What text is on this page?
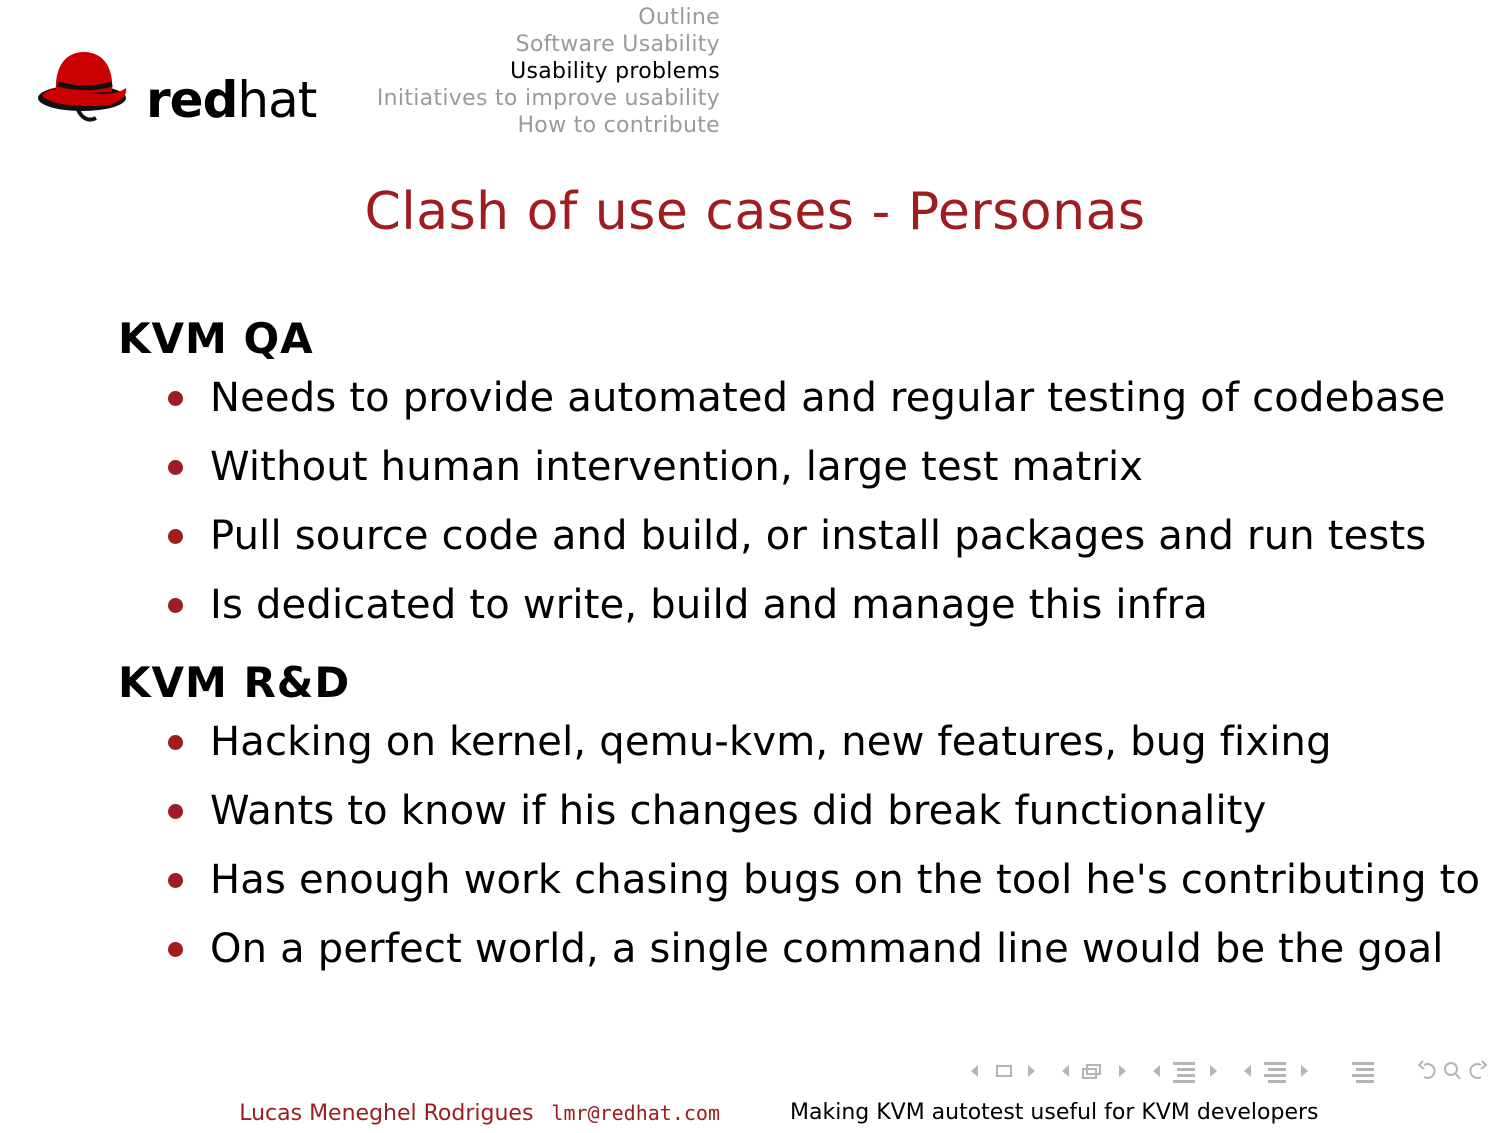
redhat
Outline
Software Usability
Usability problems
Initiatives to improve usability
How to contribute
Clash of use cases - Personas
KVM QA
Needs to provide automated and regular testing of codebase
Without human intervention, large test matrix
Pull source code and build, or install packages and run tests
Is dedicated to write, build and manage this infra
KVM R&D
Hacking on kernel, qemu-kvm, new features, bug fixing
Wants to know if his changes did break functionality
Has enough work chasing bugs on the tool he's contributing to
On a perfect world, a single command line would be the goal
Lucas Meneghel Rodrigues lmr@redhat.com	Making KVM autotest useful for KVM developers
